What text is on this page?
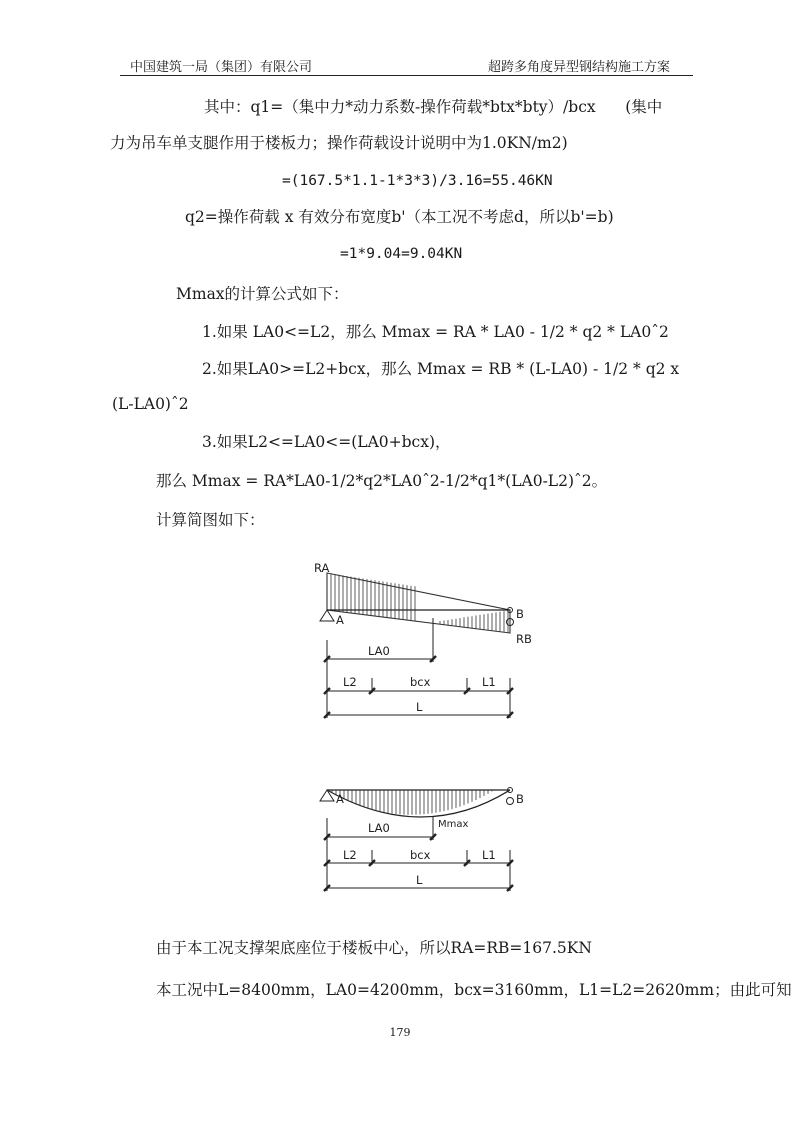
中国建筑一局（集团）有限公司	超跨多角度异型钢结构施工方案
其中：q1=（集中力*动力系数-操作荷载*btx*bty）/bcx      (集中
力为吊车单支腿作用于楼板力；操作荷载设计说明中为1.0KN/m2)
=(167.5*1.1-1*3*3)/3.16=55.46KN
q2=操作荷载 x 有效分布宽度b'（本工况不考虑d，所以b'=b)
=1*9.04=9.04KN
Mmax的计算公式如下：
1.如果 LA0<=L2，那么 Mmax = RA * LA0 - 1/2 * q2 * LA0ˆ2
2.如果LA0>=L2+bcx，那么 Mmax = RB * (L-LA0) - 1/2 * q2 x
(L-LA0)ˆ2
3.如果L2<=LA0<=(LA0+bcx)，
那么 Mmax = RA*LA0-1/2*q2*LA0ˆ2-1/2*q1*(LA0-L2)ˆ2。
计算简图如下：
RA
A	B
RB
LA0
L2	bcx	L1
L
A	B
Mmax
LA0
L2	bcx	L1
L
由于本工况支撑架底座位于楼板中心，所以RA=RB=167.5KN
本工况中L=8400mm，LA0=4200mm，bcx=3160mm，L1=L2=2620mm；由此可知
179
